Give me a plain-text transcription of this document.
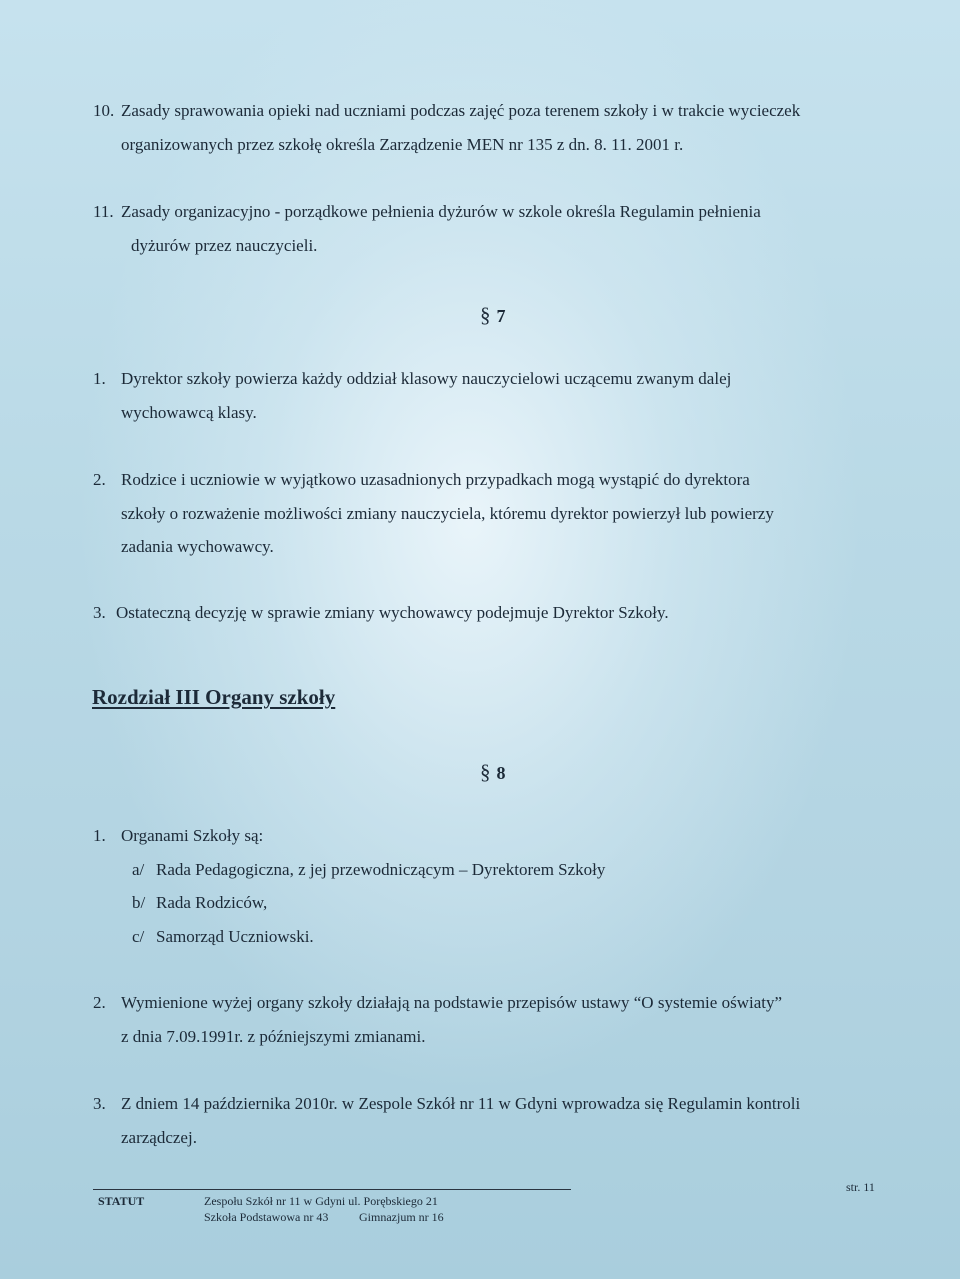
10. Zasady sprawowania opieki nad uczniami podczas zajęć poza terenem szkoły i w trakcie wycieczek
organizowanych przez szkołę określa Zarządzenie MEN nr 135 z dn. 8. 11. 2001 r.
11. Zasady organizacyjno - porządkowe pełnienia dyżurów w szkole określa Regulamin pełnienia
dyżurów przez nauczycieli.
§ 7
1. Dyrektor szkoły powierza każdy oddział klasowy nauczycielowi uczącemu zwanym dalej
wychowawcą klasy.
2. Rodzice i uczniowie w wyjątkowo uzasadnionych przypadkach mogą wystąpić do dyrektora
szkoły o rozważenie możliwości zmiany nauczyciela, któremu dyrektor powierzył lub powierzy
zadania wychowawcy.
3. Ostateczną decyzję w sprawie zmiany wychowawcy podejmuje Dyrektor Szkoły.
Rozdział III Organy szkoły
§ 8
1. Organami Szkoły są:
a/ Rada Pedagogiczna, z jej przewodniczącym – Dyrektorem Szkoły
b/ Rada Rodziców,
c/ Samorząd Uczniowski.
2. Wymienione wyżej organy szkoły działają na podstawie przepisów ustawy “O systemie oświaty”
z dnia 7.09.1991r. z późniejszymi zmianami.
3. Z dniem 14 października 2010r. w Zespole Szkół nr 11 w Gdyni wprowadza się Regulamin kontroli
zarządczej.
str. 11
STATUT	Zespołu Szkół nr 11 w Gdyni ul. Porębskiego 21
Szkoła Podstawowa nr 43	Gimnazjum nr 16
